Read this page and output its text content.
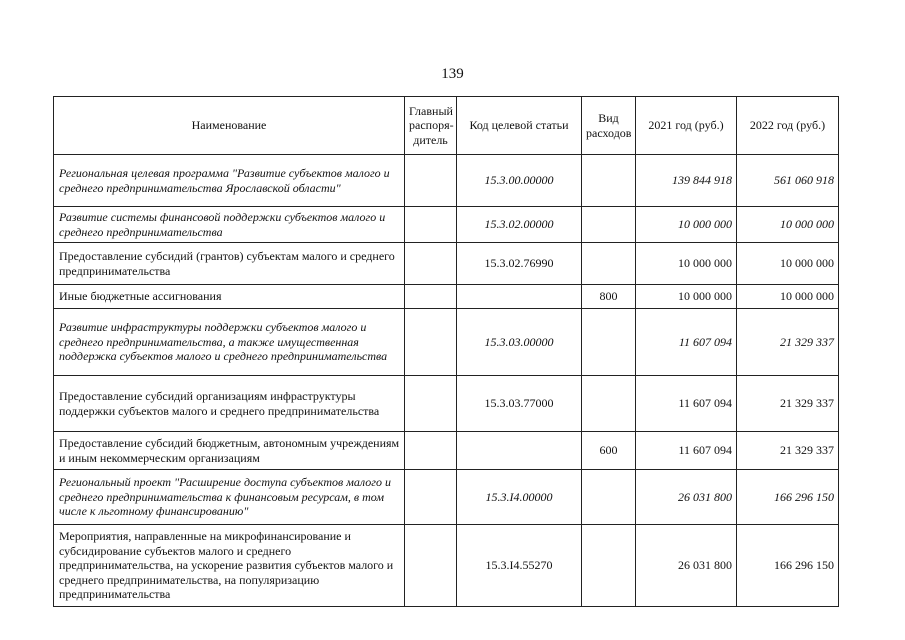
139
Наименование	Главный распоря-дитель	Код целевой статьи	Вид расходов	2021 год (руб.)	2022 год (руб.)
Региональная целевая программа "Развитие субъектов малого и среднего предпринимательства Ярославской области"		15.3.00.00000		139 844 918	561 060 918
Развитие системы финансовой поддержки субъектов малого и среднего предпринимательства		15.3.02.00000		10 000 000	10 000 000
Предоставление субсидий (грантов) субъектам малого и среднего предпринимательства		15.3.02.76990		10 000 000	10 000 000
Иные бюджетные ассигнования			800	10 000 000	10 000 000
Развитие инфраструктуры поддержки субъектов малого и среднего предпринимательства, а также имущественная поддержка субъектов малого и среднего предпринимательства		15.3.03.00000		11 607 094	21 329 337
Предоставление субсидий организациям инфраструктуры поддержки субъектов малого и среднего предпринимательства		15.3.03.77000		11 607 094	21 329 337
Предоставление субсидий бюджетным, автономным учреждениям и иным некоммерческим организациям			600	11 607 094	21 329 337
Региональный проект "Расширение доступа субъектов малого и среднего предпринимательства к финансовым ресурсам, в том числе к льготному финансированию"		15.3.I4.00000		26 031 800	166 296 150
Мероприятия, направленные на микрофинансирование и субсидирование субъектов малого и среднего предпринимательства, на ускорение развития субъектов малого и среднего предпринимательства, на популяризацию предпринимательства		15.3.I4.55270		26 031 800	166 296 150
